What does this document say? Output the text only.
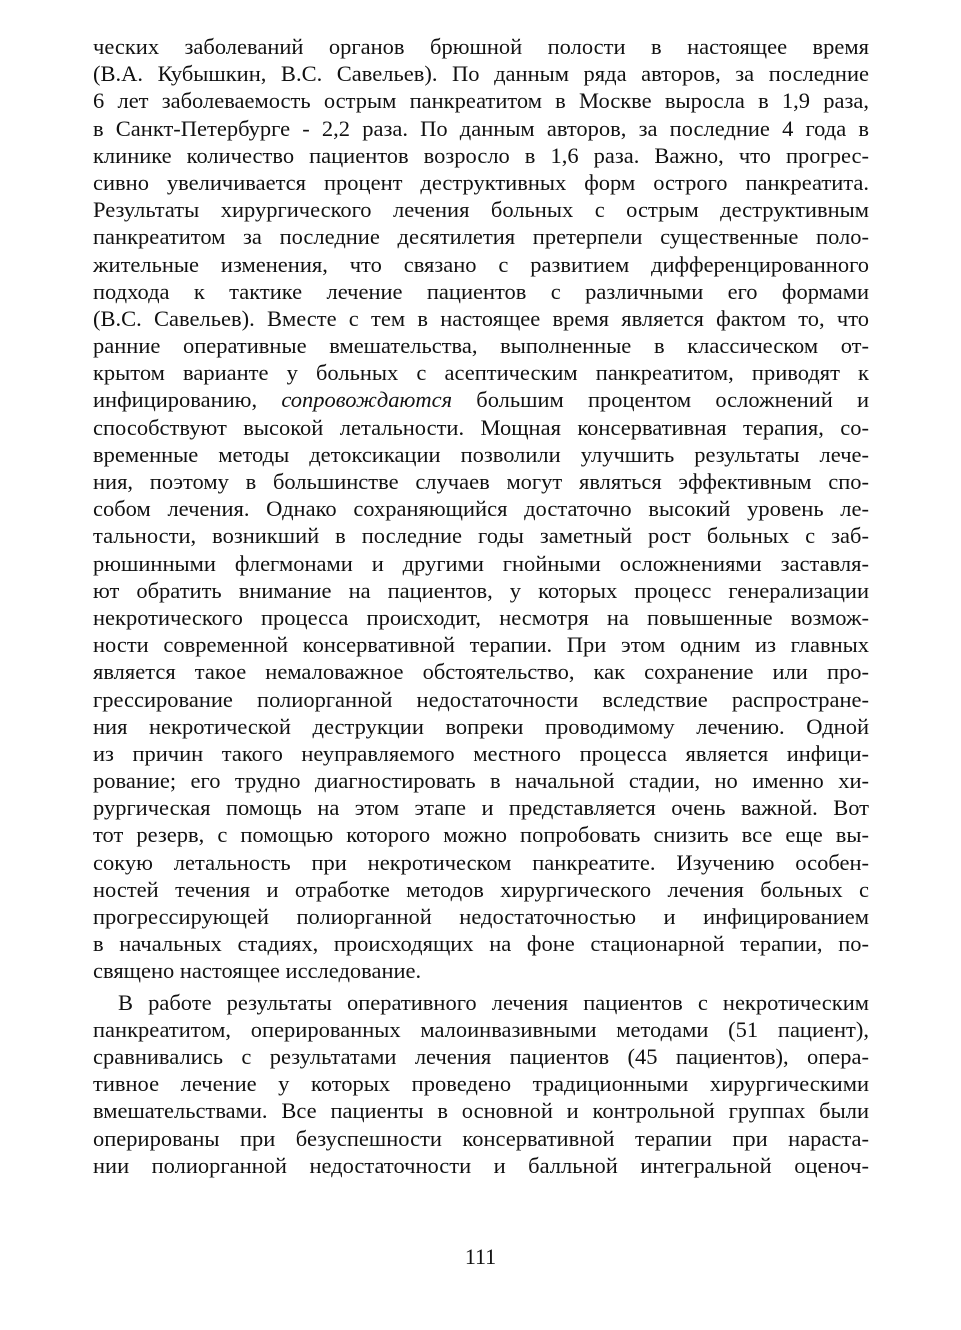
ческих заболеваний органов брюшной полости в настоящее время
(В.А. Кубышкин, В.С. Савельев). По данным ряда авторов, за последние
6 лет заболеваемость острым панкреатитом в Москве выросла в 1,9 раза,
в Санкт-Петербурге - 2,2 раза. По данным авторов, за последние 4 года в
клинике количество пациентов возросло в 1,6 раза. Важно, что прогрес-
сивно увеличивается процент деструктивных форм острого панкреатита.
Результаты хирургического лечения больных с острым деструктивным
панкреатитом за последние десятилетия претерпели существенные поло-
жительные изменения, что связано с развитием дифференцированного
подхода к тактике лечение пациентов с различными его формами
(В.С. Савельев). Вместе с тем в настоящее время является фактом то, что
ранние оперативные вмешательства, выполненные в классическом от-
крытом варианте у больных с асептическим панкреатитом, приводят к
инфицированию, сопровождаются большим процентом осложнений и
способствуют высокой летальности. Мощная консервативная терапия, со-
временные методы детоксикации позволили улучшить результаты лече-
ния, поэтому в большинстве случаев могут являться эффективным спо-
собом лечения. Однако сохраняющийся достаточно высокий уровень ле-
тальности, возникший в последние годы заметный рост больных с заб-
рюшинными флегмонами и другими гнойными осложнениями заставля-
ют обратить внимание на пациентов, у которых процесс генерализации
некротического процесса происходит, несмотря на повышенные возмож-
ности современной консервативной терапии. При этом одним из главных
является такое немаловажное обстоятельство, как сохранение или про-
грессирование полиорганной недостаточности вследствие распростране-
ния некротической деструкции вопреки проводимому лечению. Одной
из причин такого неуправляемого местного процесса является инфици-
рование; его трудно диагностировать в начальной стадии, но именно хи-
рургическая помощь на этом этапе и представляется очень важной. Вот
тот резерв, с помощью которого можно попробовать снизить все еще вы-
сокую летальность при некротическом панкреатите. Изучению особен-
ностей течения и отработке методов хирургического лечения больных с
прогрессирующей полиорганной недостаточностью и инфицированием
в начальных стадиях, происходящих на фоне стационарной терапии, по-
священо настоящее исследование.
В работе результаты оперативного лечения пациентов с некротическим
панкреатитом, оперированных малоинвазивными методами (51 пациент),
сравнивались с результатами лечения пациентов (45 пациентов), опера-
тивное лечение у которых проведено традиционными хирургическими
вмешательствами. Все пациенты в основной и контрольной группах были
оперированы при безуспешности консервативной терапии при нараста-
нии полиорганной недостаточности и балльной интегральной оценоч-
111
